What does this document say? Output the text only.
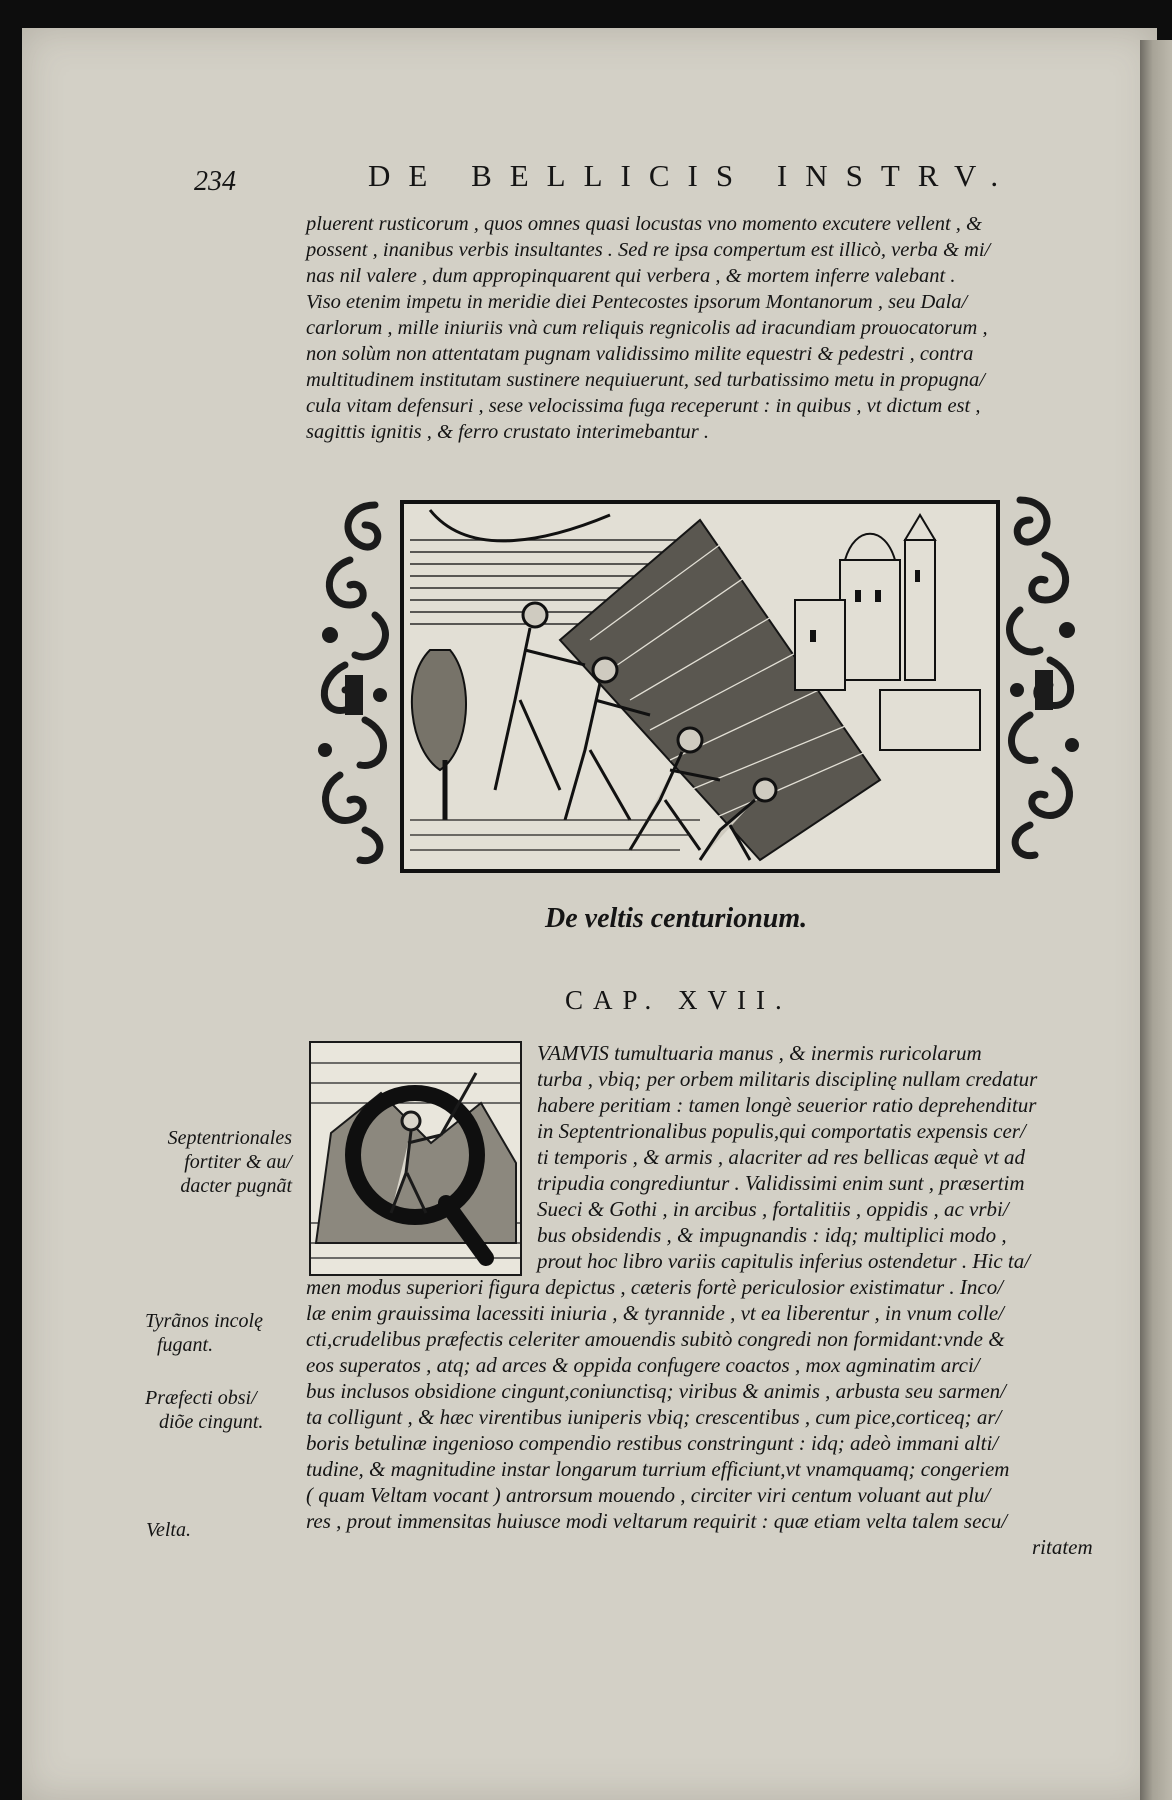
234	DE BELLICIS INSTRV.
pluerent rusticorum , quos omnes quasi locustas vno momento excutere vellent , &
possent , inanibus verbis insultantes . Sed re ipsa compertum est illicò, verba & mi/
nas nil valere , dum appropinquarent qui verbera , & mortem inferre valebant .
Viso etenim impetu in meridie diei Pentecostes ipsorum Montanorum , seu Dala/
carlorum , mille iniuriis vnà cum reliquis regnicolis ad iracundiam prouocatorum ,
non solùm non attentatam pugnam validissimo milite equestri & pedestri , contra
multitudinem institutam sustinere nequiuerunt, sed turbatissimo metu in propugna/
cula vitam defensuri , sese velocissima fuga receperunt : in quibus , vt dictum est ,
sagittis ignitis , & ferro crustato interimebantur .
De veltis centurionum.
CAP. XVII.
VAMVIS tumultuaria manus , & inermis ruricolarum
turba , vbiq; per orbem militaris disciplinę nullam credatur
habere peritiam : tamen longè seuerior ratio deprehenditur
in Septentrionalibus populis,qui comportatis expensis cer/
ti temporis , & armis , alacriter ad res bellicas æquè vt ad
tripudia congrediuntur . Validissimi enim sunt , præsertim
Sueci & Gothi , in arcibus , fortalitiis , oppidis , ac vrbi/
bus obsidendis , & impugnandis : idq; multiplici modo ,
prout hoc libro variis capitulis inferius ostendetur . Hic ta/
men modus superiori figura depictus , cæteris fortè periculosior existimatur . Inco/
læ enim grauissima lacessiti iniuria , & tyrannide , vt ea liberentur , in vnum colle/
cti,crudelibus præfectis celeriter amouendis subitò congredi non formidant:vnde &
eos superatos , atq; ad arces & oppida confugere coactos , mox agminatim arci/
bus inclusos obsidione cingunt,coniunctisq; viribus & animis , arbusta seu sarmen/
ta colligunt , & hæc virentibus iuniperis vbiq; crescentibus , cum pice,corticeq; ar/
boris betulinæ ingenioso compendio restibus constringunt : idq; adeò immani alti/
tudine, & magnitudine instar longarum turrium efficiunt,vt vnamquamq; congeriem
( quam Veltam vocant ) antrorsum mouendo , circiter viri centum voluant aut plu/
res , prout immensitas huiusce modi veltarum requirit : quæ etiam velta talem secu/
ritatem
Septentrionales
fortiter & au/
dacter pugnãt
Tyrãnos incolę
fugant.
Præfecti obsi/
diõe cingunt.
Velta.
